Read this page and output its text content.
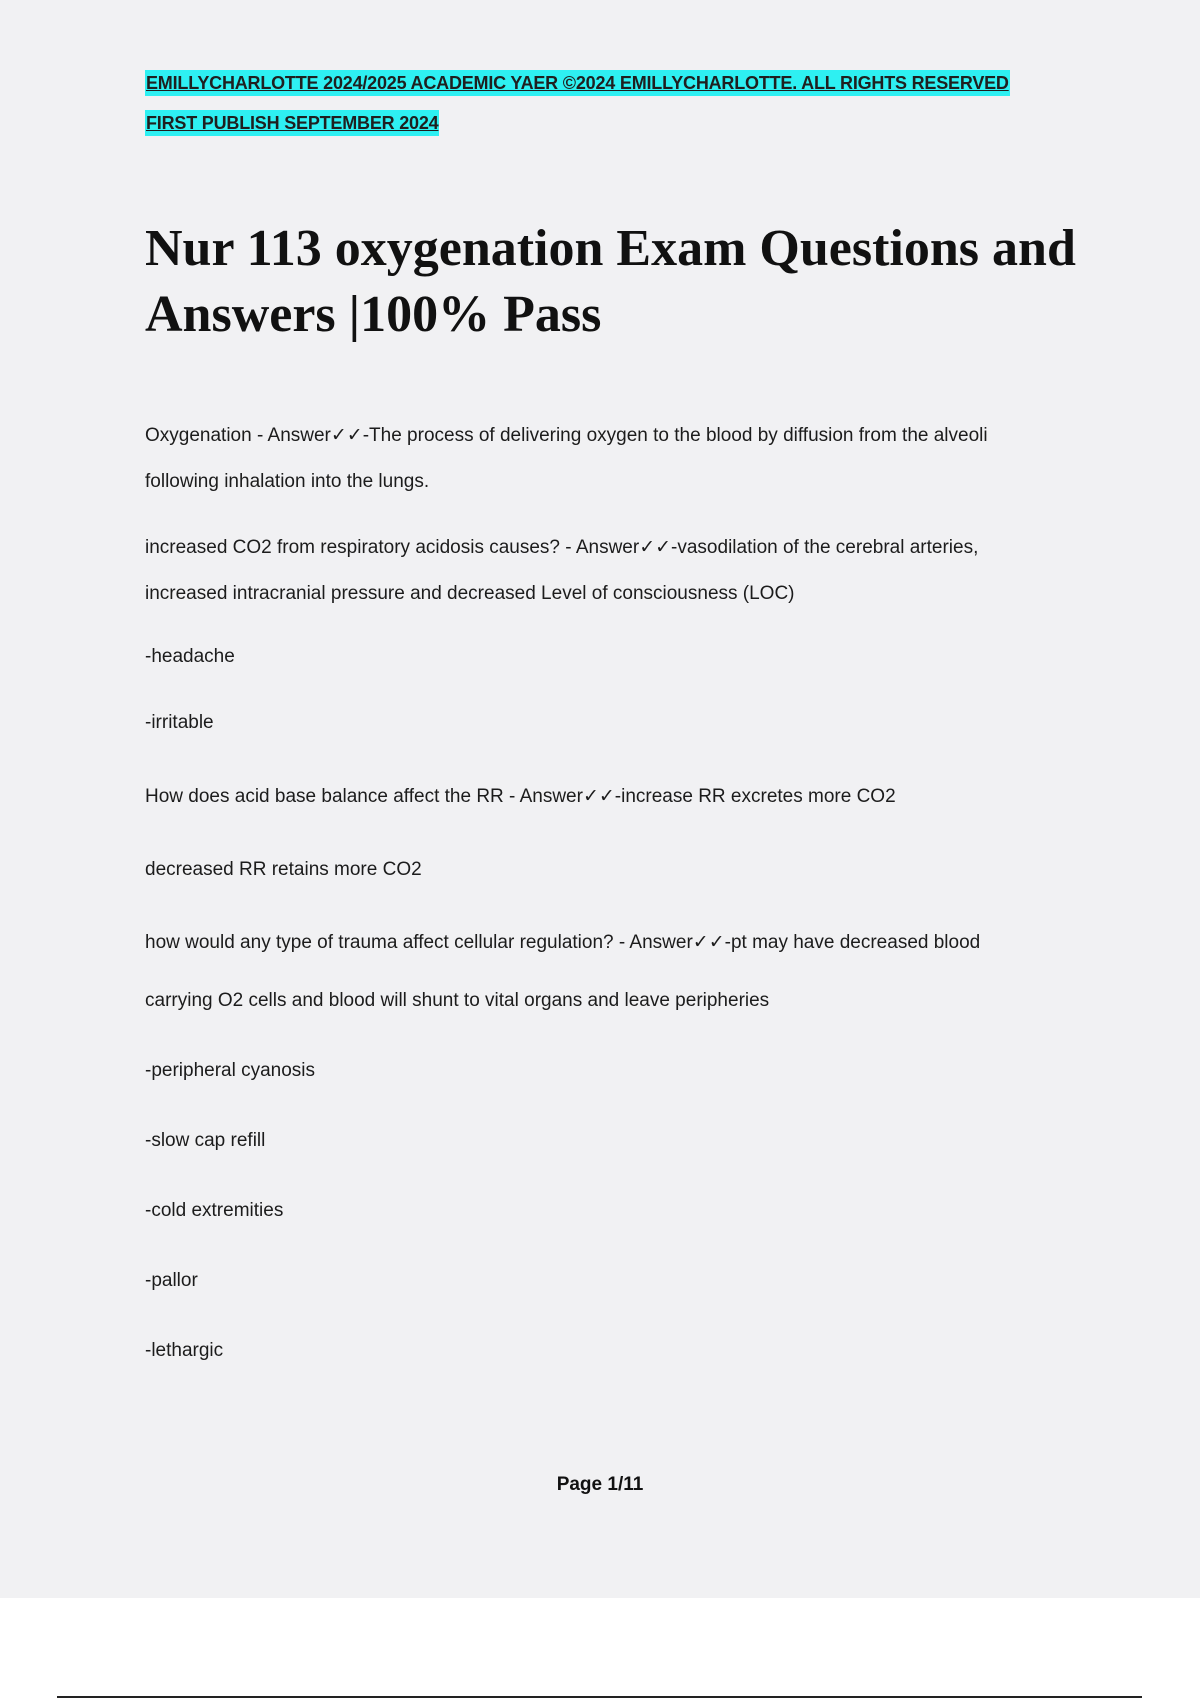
EMILLYCHARLOTTE 2024/2025 ACADEMIC YAER ©2024 EMILLYCHARLOTTE. ALL RIGHTS RESERVED
FIRST PUBLISH SEPTEMBER 2024
Nur 113 oxygenation Exam Questions and
Answers |100% Pass

Oxygenation - Answer✓✓-The process of delivering oxygen to the blood by diffusion from the alveoli

following inhalation into the lungs.

increased CO2 from respiratory acidosis causes? - Answer✓✓-vasodilation of the cerebral arteries,

increased intracranial pressure and decreased Level of consciousness (LOC)

-headache

-irritable

How does acid base balance affect the RR - Answer✓✓-increase RR excretes more CO2

decreased RR retains more CO2

how would any type of trauma affect cellular regulation? - Answer✓✓-pt may have decreased blood

carrying O2 cells and blood will shunt to vital organs and leave peripheries

-peripheral cyanosis

-slow cap refill

-cold extremities

-pallor

-lethargic

Page 1/11
